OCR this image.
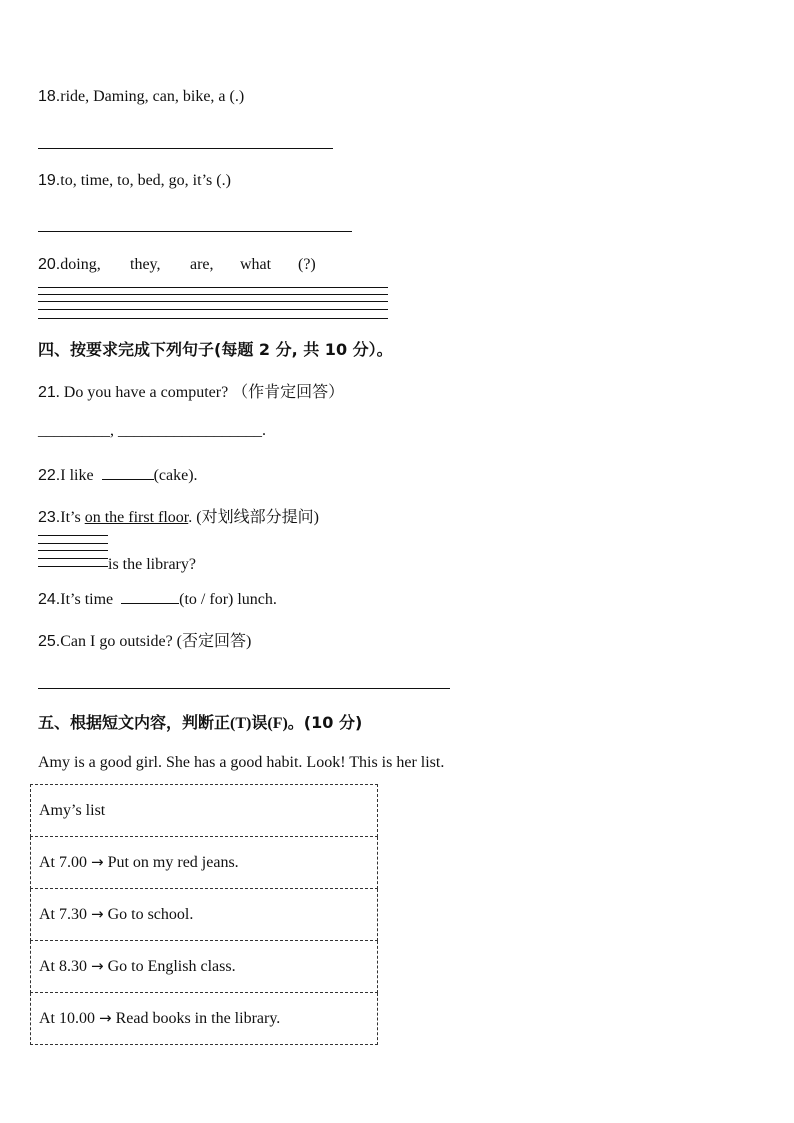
18.ride, Daming, can, bike, a (.)
19.to, time, to, bed, go, it’s (.)
20.doing, they, are, what (?)
四、按要求完成下列句子(每题 2 分, 共 10 分）。
21. Do you have a computer? （作肯定回答）
_________, __________________.
22.I like	(cake).
23.It’s on the first floor. (对划线部分提问)
is the library?
24.It’s time	(to / for) lunch.
25.Can I go outside? (否定回答)
五、根据短文内容，判断正(T)误(F)。(10 分)
Amy is a good girl. She has a good habit. Look! This is her list.
Amy’s list
At 7.00 → Put on my red jeans.
At 7.30 → Go to school.
At 8.30 → Go to English class.
At 10.00 → Read books in the library.
